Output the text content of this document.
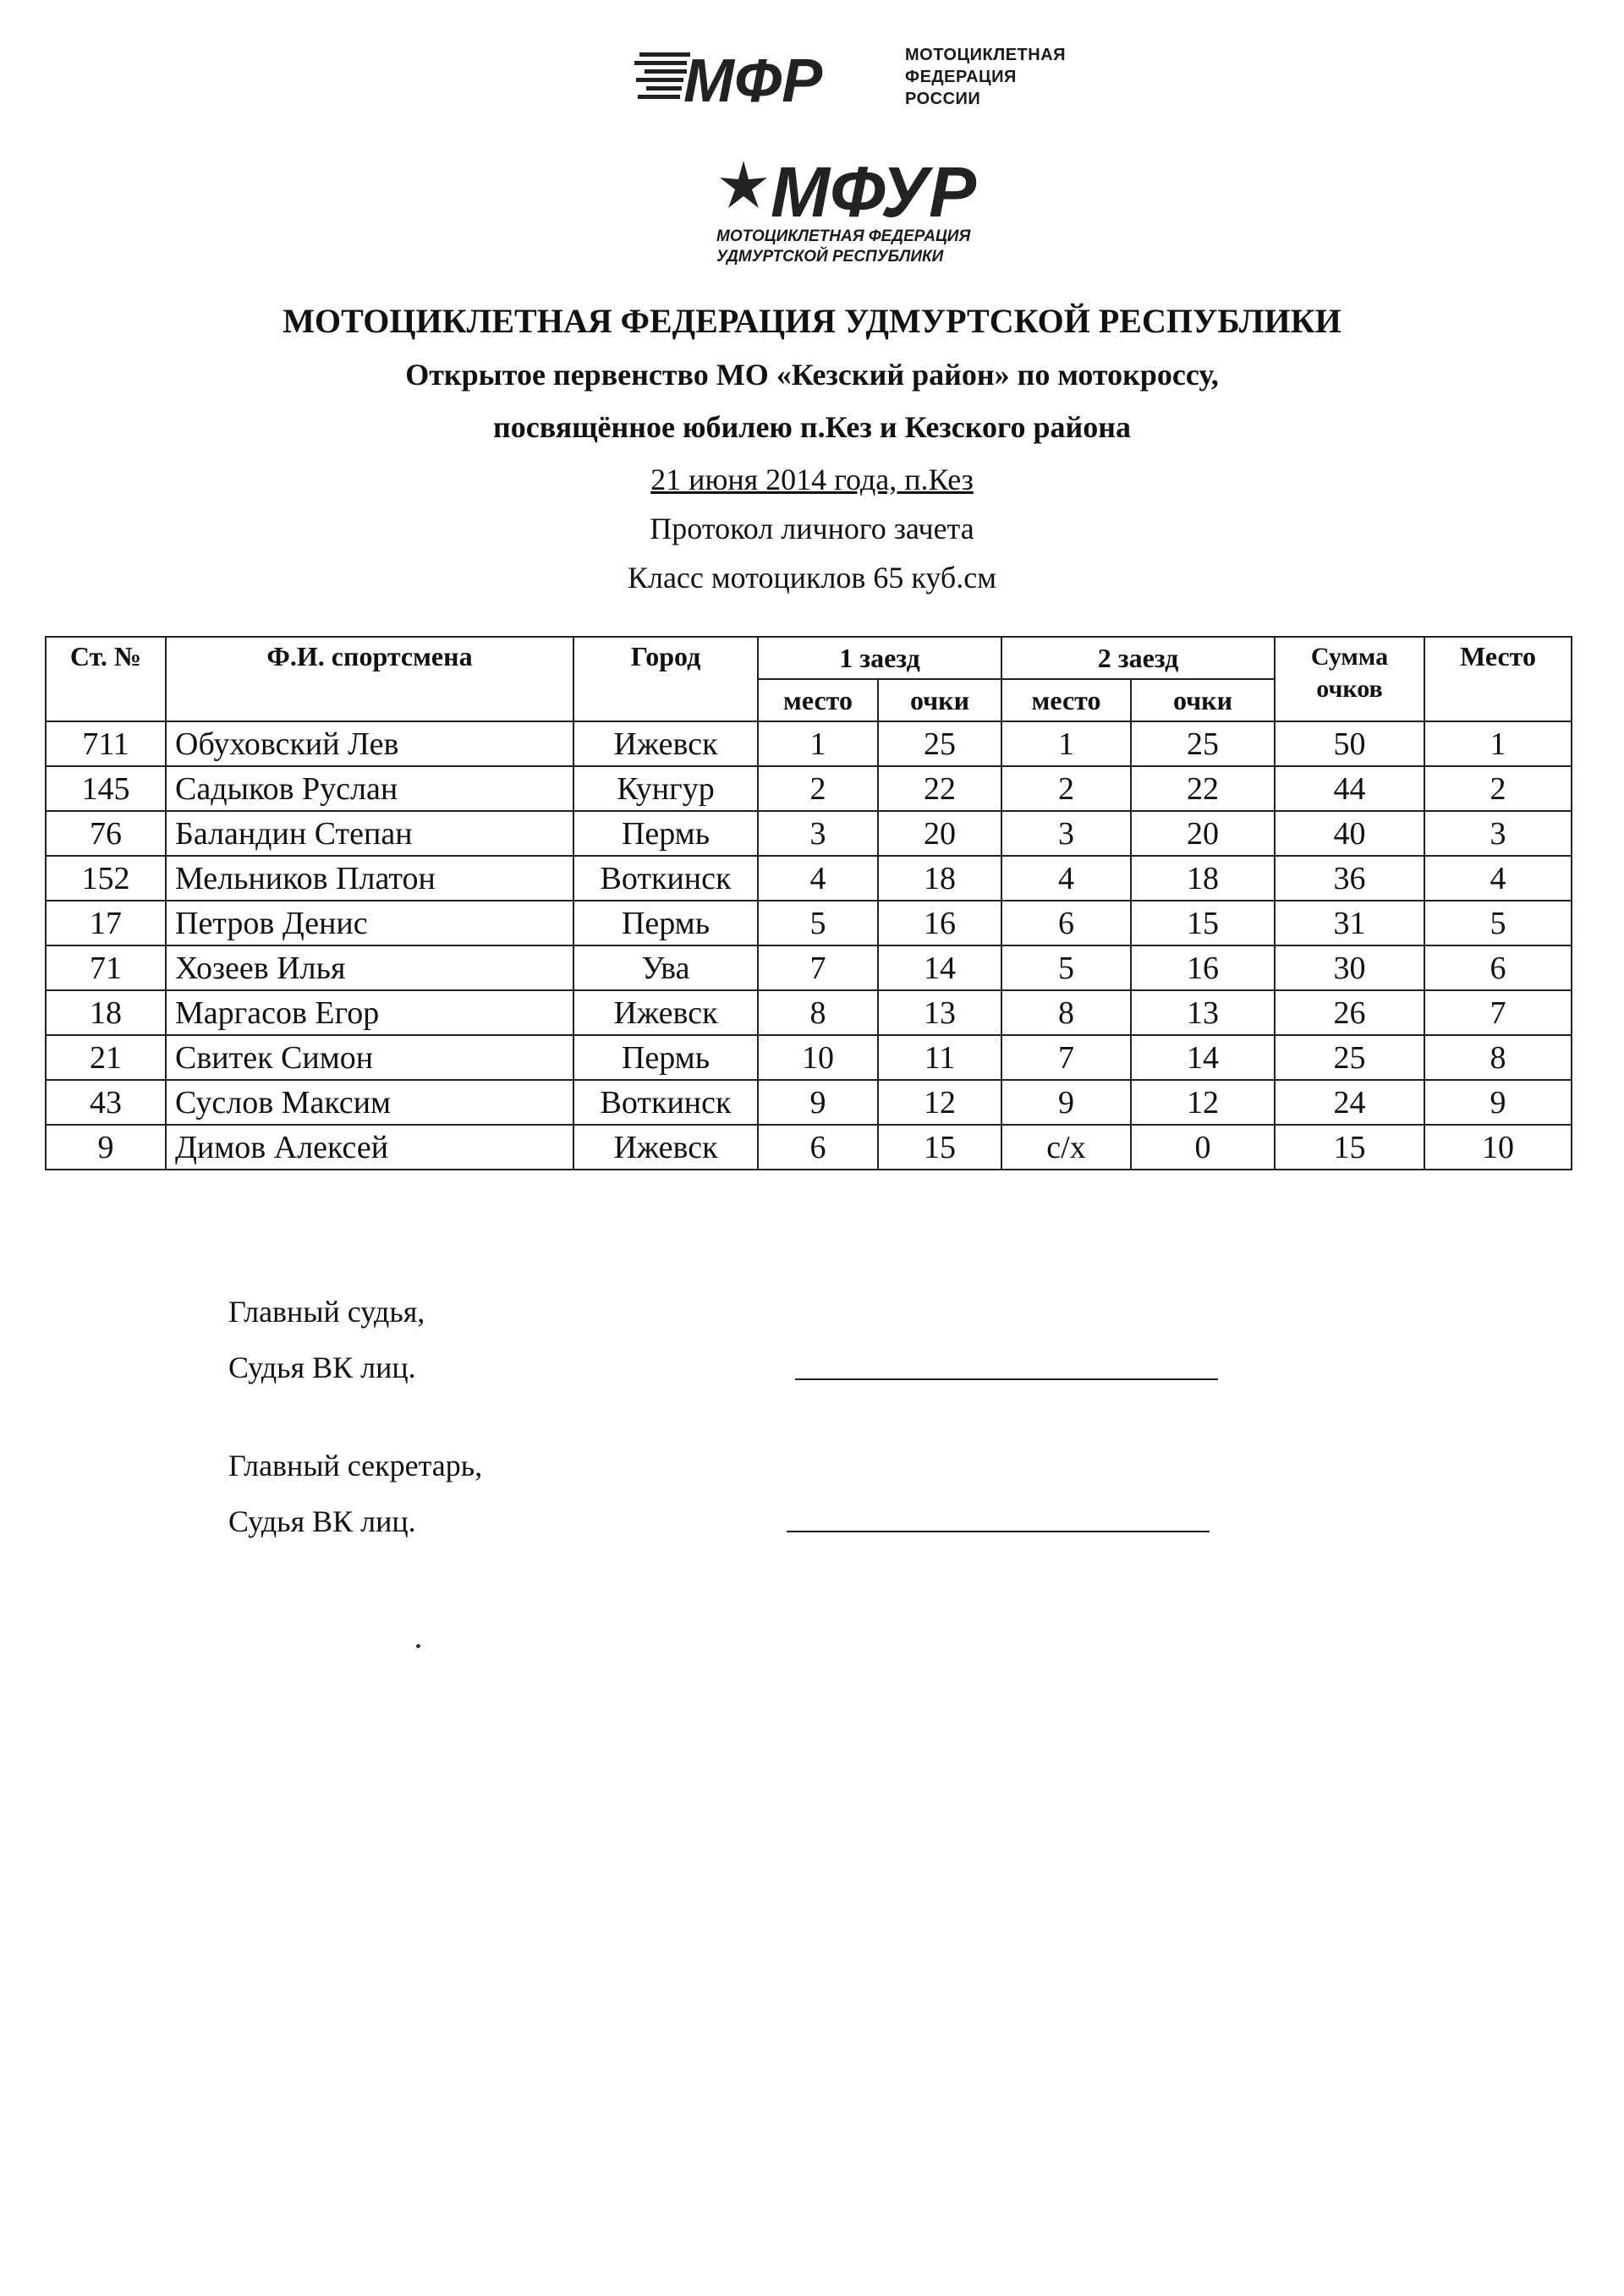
МФР	МОТОЦИКЛЕТНАЯ
ФЕДЕРАЦИЯ
РОССИИ
МФУР
МОТОЦИКЛЕТНАЯ ФЕДЕРАЦИЯ
УДМУРТСКОЙ РЕСПУБЛИКИ
МОТОЦИКЛЕТНАЯ ФЕДЕРАЦИЯ УДМУРТСКОЙ РЕСПУБЛИКИ
Открытое первенство МО «Кезский район» по мотокроссу,
посвящённое юбилею п.Кез и Кезского района
21 июня 2014 года, п.Кез
Протокол личного зачета
Класс мотоциклов 65 куб.см
Ст. №	Ф.И. спортсмена	Город	1 заезд		2 заезд		Сумма
очков	Место
			место	очки	место	очки		
711	Обуховский Лев	Ижевск	1	25	1	25	50	1
145	Садыков Руслан	Кунгур	2	22	2	22	44	2
76	Баландин Степан	Пермь	3	20	3	20	40	3
152	Мельников Платон	Воткинск	4	18	4	18	36	4
17	Петров Денис	Пермь	5	16	6	15	31	5
71	Хозеев Илья	Ува	7	14	5	16	30	6
18	Маргасов Егор	Ижевск	8	13	8	13	26	7
21	Свитек Симон	Пермь	10	11	7	14	25	8
43	Суслов Максим	Воткинск	9	12	9	12	24	9
9	Димов Алексей	Ижевск	6	15	с/х	0	15	10
Главный судья,
Судья ВК лиц.
Главный секретарь,
Судья ВК лиц.
